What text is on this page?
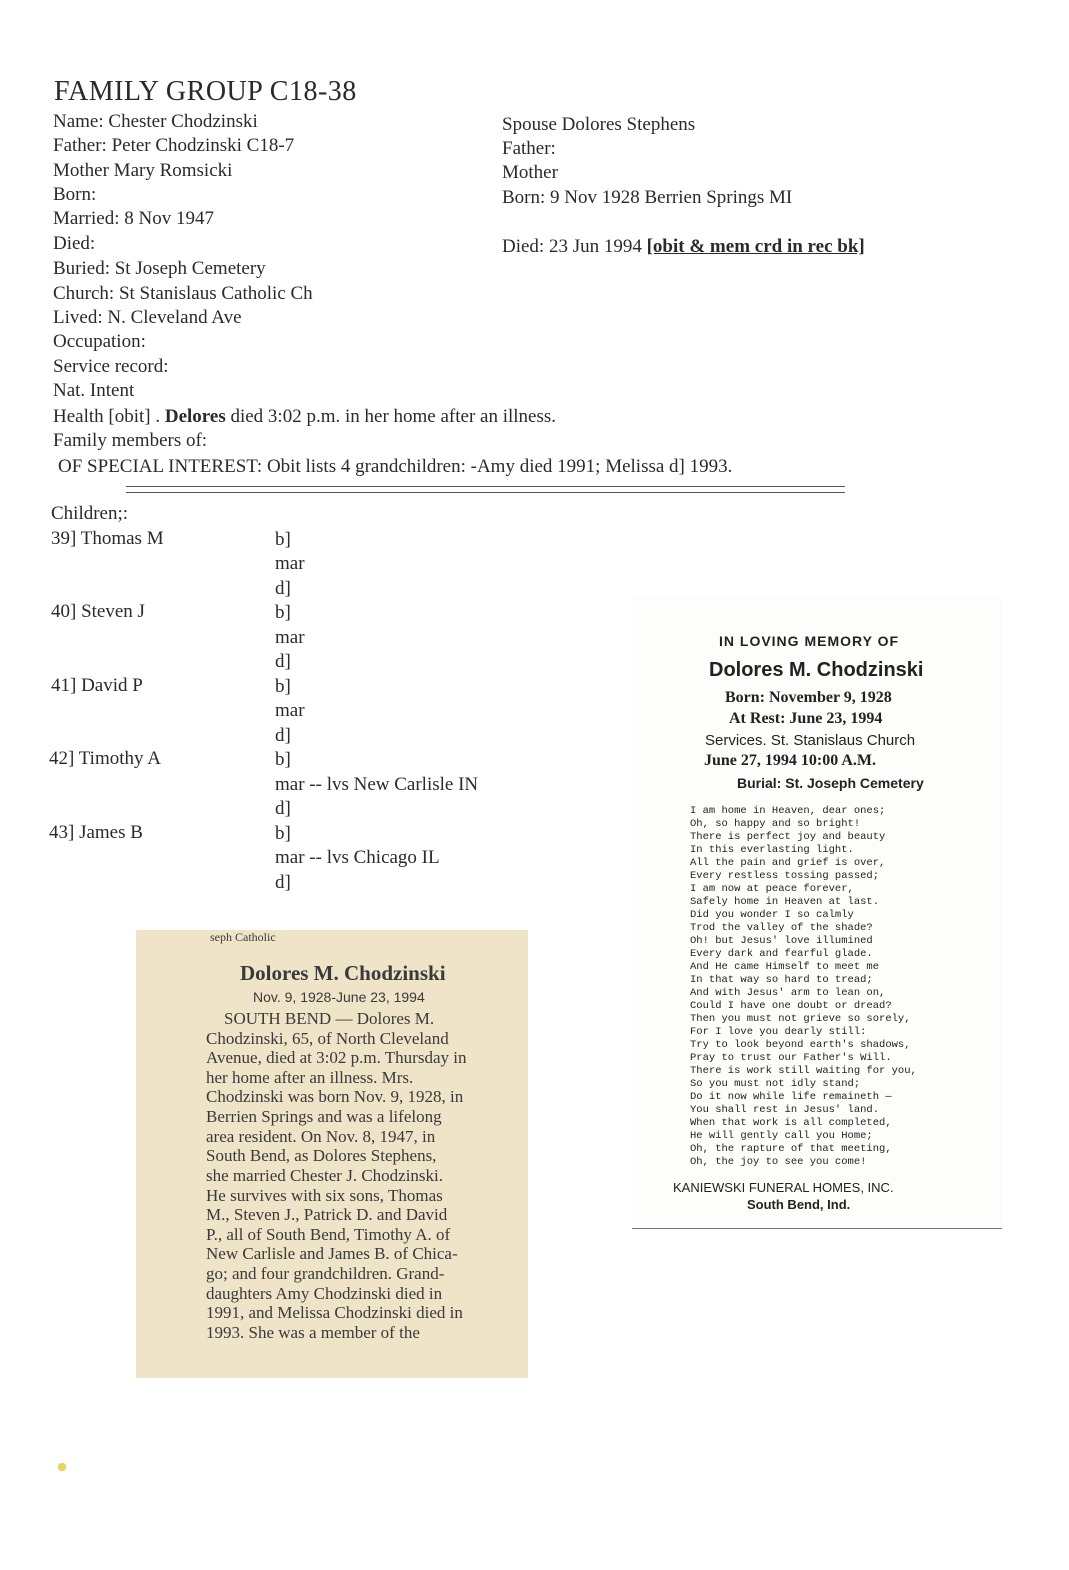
FAMILY GROUP C18-38
Name: Chester Chodzinski
Father: Peter Chodzinski C18-7
Mother Mary Romsicki
Born:
Married: 8 Nov 1947
Died:
Buried: St Joseph Cemetery
Church: St Stanislaus Catholic Ch
Lived: N. Cleveland Ave
Occupation:
Service record:
Nat. Intent
Health [obit] . Delores died 3:02 p.m. in her home after an illness.
Family members of:
OF SPECIAL INTEREST: Obit lists 4 grandchildren: -Amy died 1991; Melissa d] 1993.
Spouse Dolores Stephens
Father:
Mother
Born: 9 Nov 1928 Berrien Springs MI
Died: 23 Jun 1994 [obit & mem crd in rec bk]
Children;:
39] Thomas M	b]
mar
d]
40] Steven J	b]
mar
d]
41] David P	b]
mar
d]
42] Timothy A	b]
mar -- lvs New Carlisle IN
d]
43] James B	b]
mar -- lvs Chicago IL
d]
seph Catholic
Dolores M. Chodzinski
Nov. 9, 1928-June 23, 1994
SOUTH BEND — Dolores M.
Chodzinski, 65, of North Cleveland
Avenue, died at 3:02 p.m. Thursday in
her home after an illness. Mrs.
Chodzinski was born Nov. 9, 1928, in
Berrien Springs and was a lifelong
area resident. On Nov. 8, 1947, in
South Bend, as Dolores Stephens,
she married Chester J. Chodzinski.
He survives with six sons, Thomas
M., Steven J., Patrick D. and David
P., all of South Bend, Timothy A. of
New Carlisle and James B. of Chica-
go; and four grandchildren. Grand-
daughters Amy Chodzinski died in
1991, and Melissa Chodzinski died in
1993. She was a member of the
IN LOVING MEMORY OF
Dolores M. Chodzinski
Born: November 9, 1928
At Rest: June 23, 1994
Services. St. Stanislaus Church
June 27, 1994 10:00 A.M.
Burial: St. Joseph Cemetery
I am home in Heaven, dear ones;
Oh, so happy and so bright!
There is perfect joy and beauty
In this everlasting light.
All the pain and grief is over,
Every restless tossing passed;
I am now at peace forever,
Safely home in Heaven at last.
Did you wonder I so calmly
Trod the valley of the shade?
Oh! but Jesus' love illumined
Every dark and fearful glade.
And He came Himself to meet me
In that way so hard to tread;
And with Jesus' arm to lean on,
Could I have one doubt or dread?
Then you must not grieve so sorely,
For I love you dearly still:
Try to look beyond earth's shadows,
Pray to trust our Father's Will.
There is work still waiting for you,
So you must not idly stand;
Do it now while life remaineth —
You shall rest in Jesus' land.
When that work is all completed,
He will gently call you Home;
Oh, the rapture of that meeting,
Oh, the joy to see you come!
KANIEWSKI FUNERAL HOMES, INC.
South Bend, Ind.
